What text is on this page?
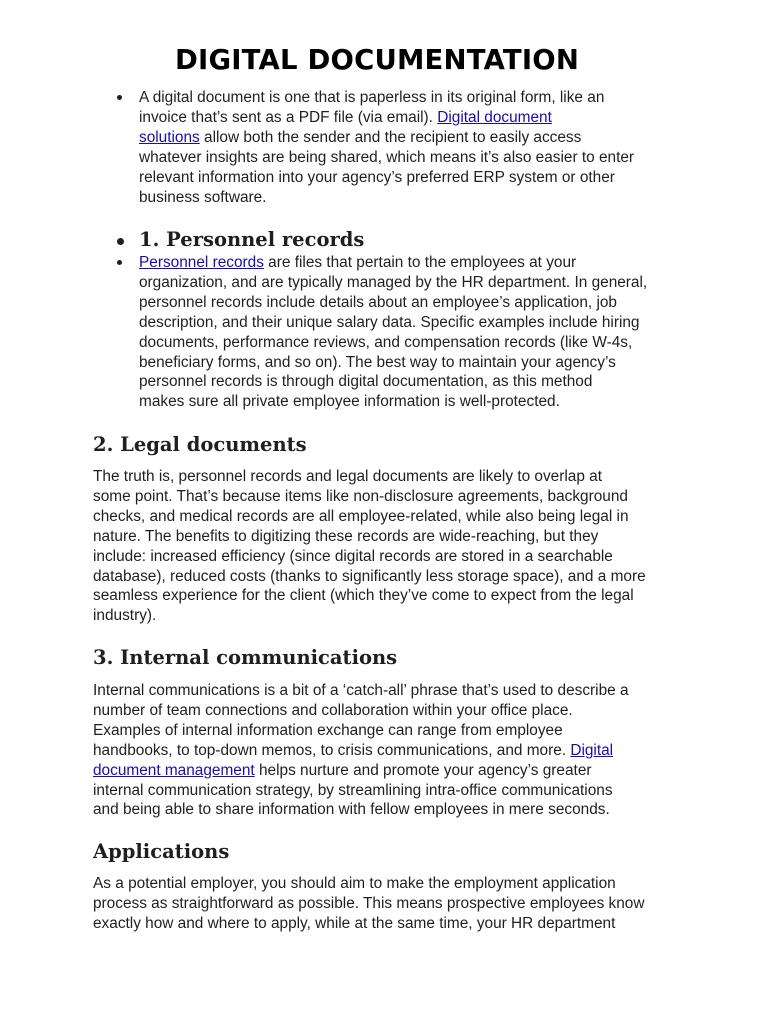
DIGITAL DOCUMENTATION

A digital document is one that is paperless in its original form, like an
invoice that’s sent as a PDF file (via email). Digital document
solutions allow both the sender and the recipient to easily access
whatever insights are being shared, which means it’s also easier to enter
relevant information into your agency’s preferred ERP system or other
business software.

1. Personnel records

Personnel records are files that pertain to the employees at your
organization, and are typically managed by the HR department. In general,
personnel records include details about an employee’s application, job
description, and their unique salary data. Specific examples include hiring
documents, performance reviews, and compensation records (like W-4s,
beneficiary forms, and so on). The best way to maintain your agency’s
personnel records is through digital documentation, as this method
makes sure all private employee information is well-protected.

2. Legal documents

The truth is, personnel records and legal documents are likely to overlap at
some point. That’s because items like non-disclosure agreements, background
checks, and medical records are all employee-related, while also being legal in
nature. The benefits to digitizing these records are wide-reaching, but they
include: increased efficiency (since digital records are stored in a searchable
database), reduced costs (thanks to significantly less storage space), and a more
seamless experience for the client (which they’ve come to expect from the legal
industry).

3. Internal communications

Internal communications is a bit of a ‘catch-all’ phrase that’s used to describe a
number of team connections and collaboration within your office place.
Examples of internal information exchange can range from employee
handbooks, to top-down memos, to crisis communications, and more. Digital
document management helps nurture and promote your agency’s greater
internal communication strategy, by streamlining intra-office communications
and being able to share information with fellow employees in mere seconds.

Applications

As a potential employer, you should aim to make the employment application
process as straightforward as possible. This means prospective employees know
exactly how and where to apply, while at the same time, your HR department
